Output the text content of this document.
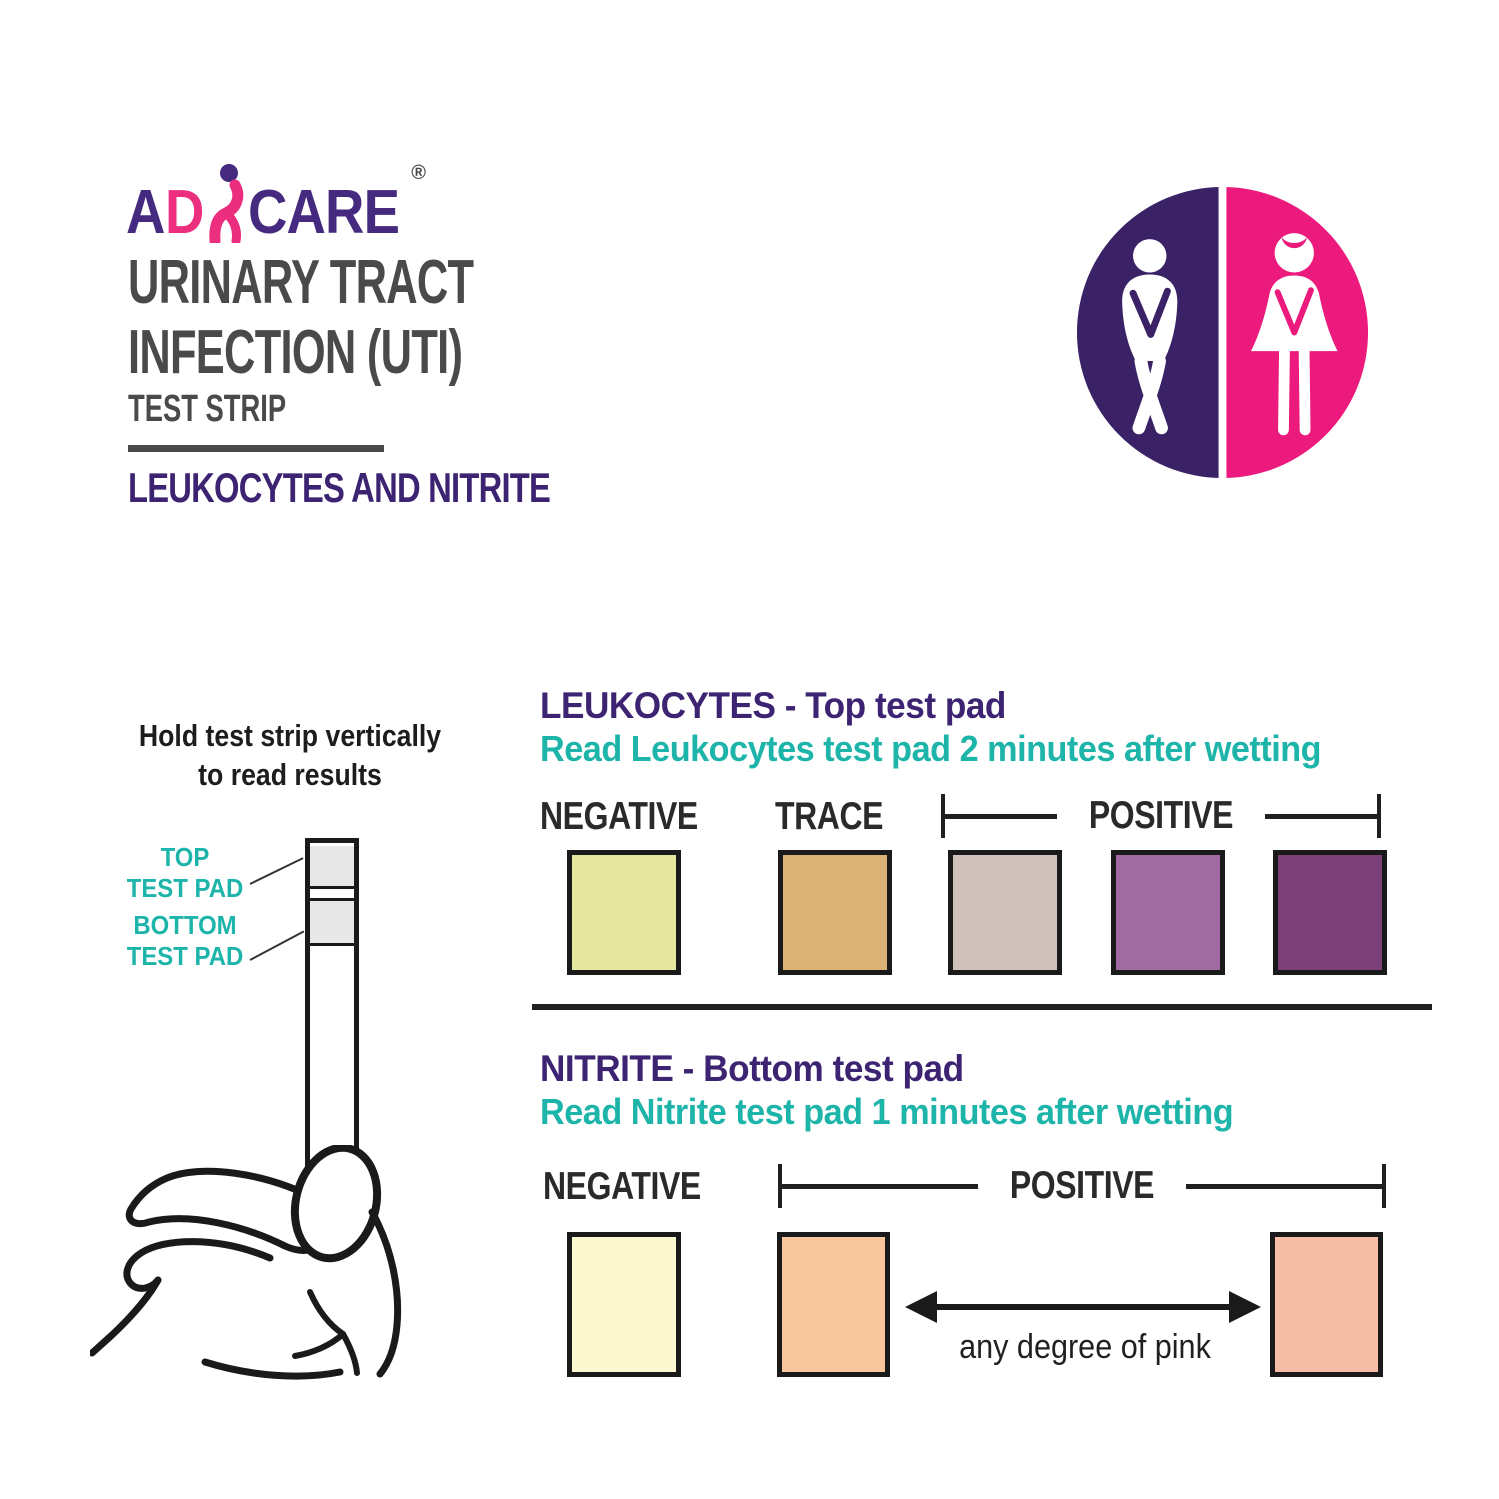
A D CARE
®
URINARY TRACT
INFECTION (UTI)
TEST STRIP
LEUKOCYTES AND NITRITE
Hold test strip vertically
to read results
TOP
TEST PAD
BOTTOM
TEST PAD
LEUKOCYTES - Top test pad
Read Leukocytes test pad 2 minutes after wetting
NEGATIVE TRACE	POSITIVE
NITRITE - Bottom test pad
Read Nitrite test pad 1 minutes after wetting
NEGATIVE	POSITIVE
any degree of pink
